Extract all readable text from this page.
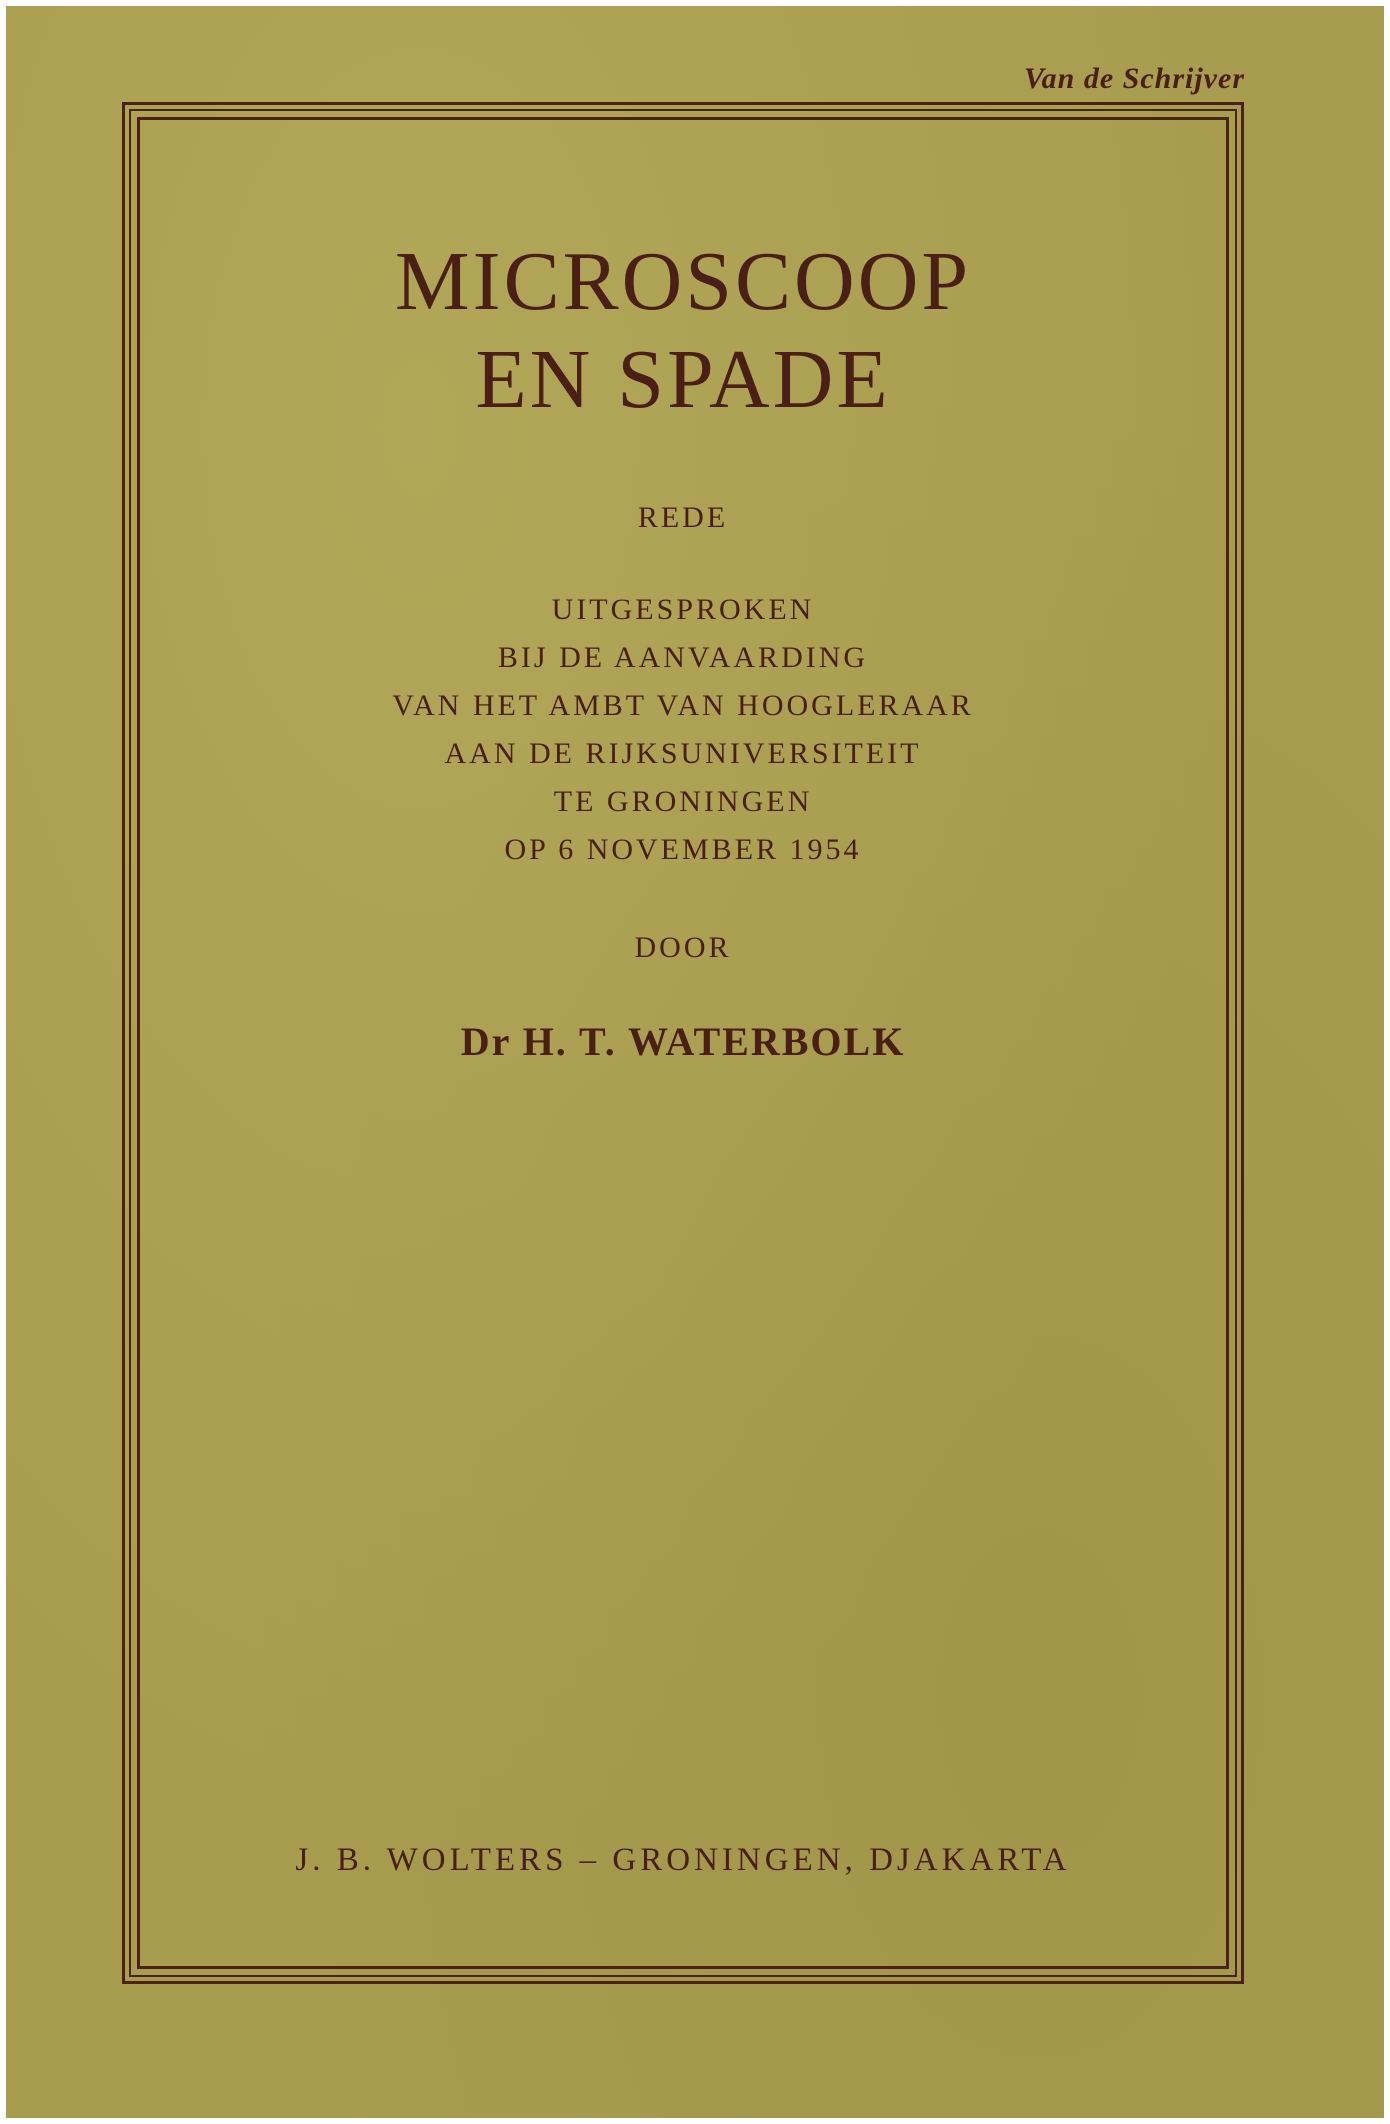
Van de Schrijver
MICROSCOOP
EN SPADE
REDE
UITGESPROKEN
BIJ DE AANVAARDING
VAN HET AMBT VAN HOOGLERAAR
AAN DE RIJKSUNIVERSITEIT
TE GRONINGEN
OP 6 NOVEMBER 1954
DOOR
Dr H. T. WATERBOLK
J. B. WOLTERS – GRONINGEN, DJAKARTA
